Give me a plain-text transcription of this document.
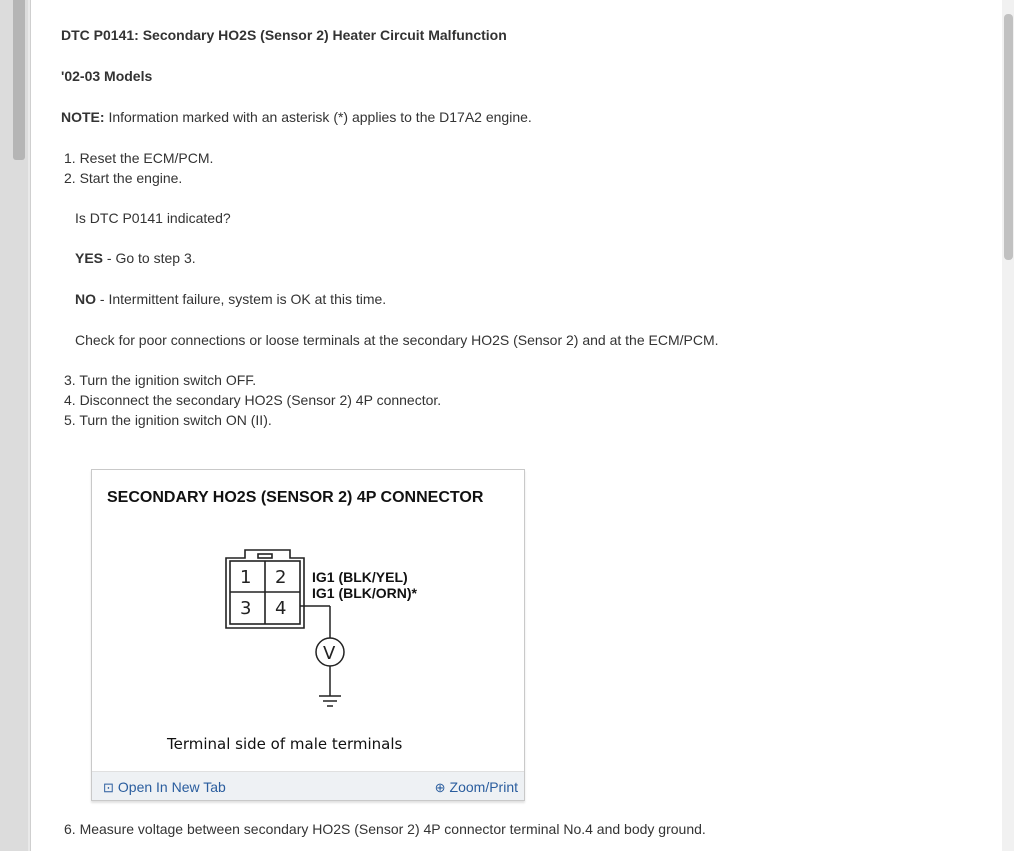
DTC P0141: Secondary HO2S (Sensor 2) Heater Circuit Malfunction
'02-03 Models
NOTE: Information marked with an asterisk (*) applies to the D17A2 engine.
1. Reset the ECM/PCM.
2. Start the engine.
Is DTC P0141 indicated?
YES - Go to step 3.
NO - Intermittent failure, system is OK at this time.
Check for poor connections or loose terminals at the secondary HO2S (Sensor 2) and at the ECM/PCM.
3. Turn the ignition switch OFF.
4. Disconnect the secondary HO2S (Sensor 2) 4P connector.
5. Turn the ignition switch ON (II).
SECONDARY HO2S (SENSOR 2) 4P CONNECTOR
1 2
3 4
IG1 (BLK/YEL)
IG1 (BLK/ORN)*
V
Terminal side of male terminals
⊡ Open In New Tab	⊕ Zoom/Print
6. Measure voltage between secondary HO2S (Sensor 2) 4P connector terminal No.4 and body ground.
